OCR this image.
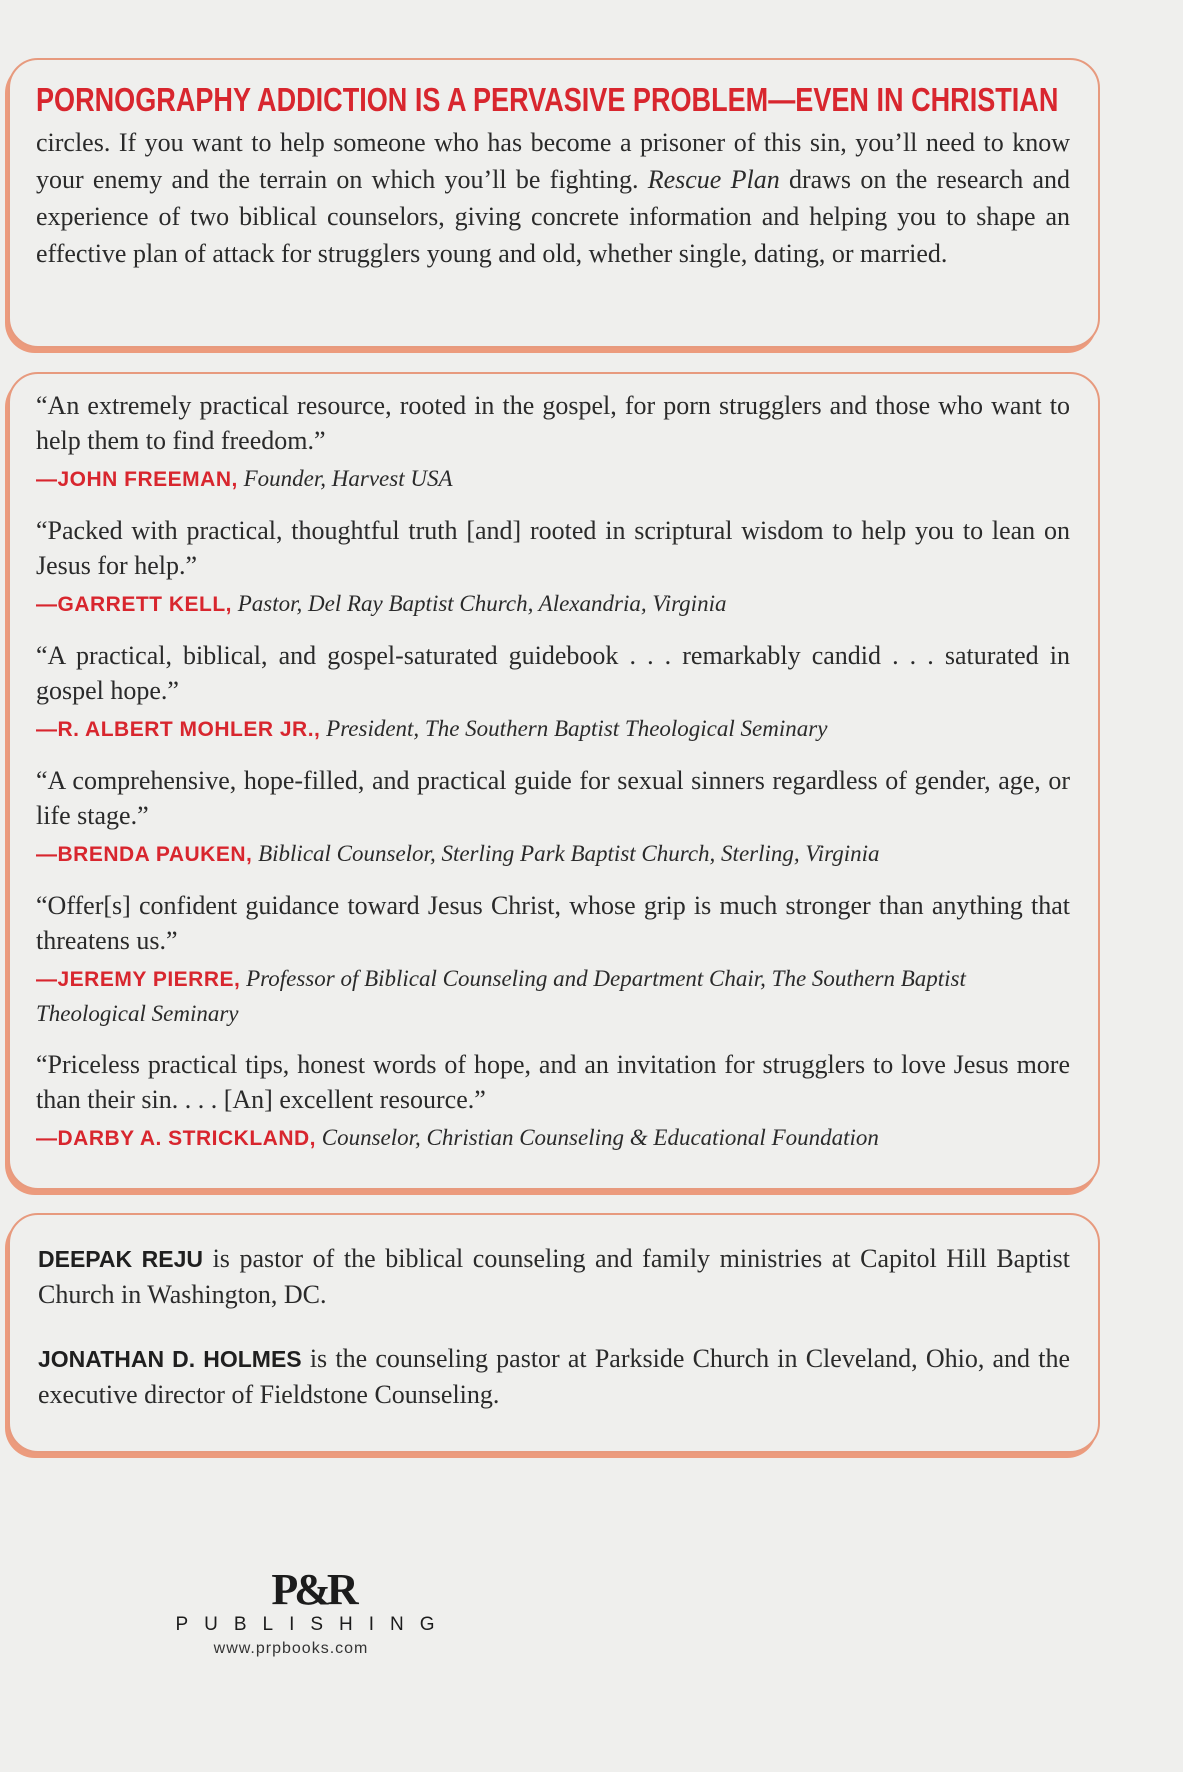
PORNOGRAPHY ADDICTION IS A PERVASIVE PROBLEM—EVEN IN CHRISTIAN

circles. If you want to help someone who has become a prisoner of this sin, you’ll need to know your enemy and the terrain on which you’ll be fighting. Rescue Plan draws on the research and experience of two biblical counselors, giving concrete information and helping you to shape an effective plan of attack for strugglers young and old, whether single, dating, or married.

“An extremely practical resource, rooted in the gospel, for porn strugglers and those who want to help them to find freedom.”

—JOHN FREEMAN, Founder, Harvest USA

“Packed with practical, thoughtful truth [and] rooted in scriptural wisdom to help you to lean on Jesus for help.”

—GARRETT KELL, Pastor, Del Ray Baptist Church, Alexandria, Virginia

“A practical, biblical, and gospel-saturated guidebook . . . remarkably candid . . . saturated in gospel hope.”

—R. ALBERT MOHLER JR., President, The Southern Baptist Theological Seminary

“A comprehensive, hope-filled, and practical guide for sexual sinners regardless of gender, age, or life stage.”

—BRENDA PAUKEN, Biblical Counselor, Sterling Park Baptist Church, Sterling, Virginia

“Offer[s] confident guidance toward Jesus Christ, whose grip is much stronger than anything that threatens us.”

—JEREMY PIERRE, Professor of Biblical Counseling and Department Chair, The Southern Baptist Theological Seminary

“Priceless practical tips, honest words of hope, and an invitation for strugglers to love Jesus more than their sin. . . . [An] excellent resource.”

—DARBY A. STRICKLAND, Counselor, Christian Counseling & Educational Foundation

DEEPAK REJU is pastor of the biblical counseling and family ministries at Capitol Hill Baptist Church in Washington, DC.

JONATHAN D. HOLMES is the counseling pastor at Parkside Church in Cleveland, Ohio, and the executive director of Fieldstone Counseling.

P&R
PUBLISHING
www.prpbooks.com
